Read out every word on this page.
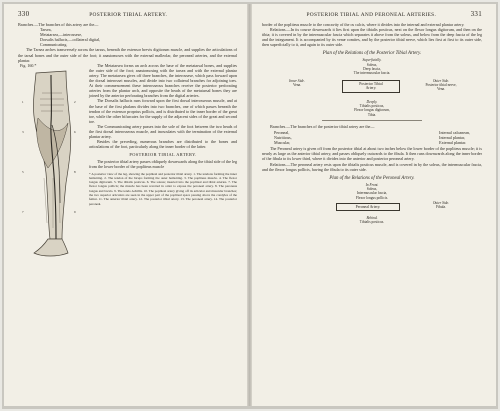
330	POSTERIOR TIBIAL ARTERY.

Branches.—The branches of this artery are the—

Tarsea,

Metatarsea,—interossese,

Dorsalis hallucis,—collateral digital,

Communicating.

The Tarsea arches transversely across the tarsus, beneath the extensor brevis digitorum muscle, and supplies the articulations of the tarsal bones and the outer side of the foot; it anastomoses with the external malleolar, the peroneal arteries, and the external plantar.

Fig. 160.*
1	2
3	6
5	8
7	9

The Metatarsea forms an arch across the base of the metatarsal bones, and supplies the outer side of the foot; anastomosing with the tarsea and with the external plantar artery. The metatarsea gives off three branches, the interossese, which pass forward upon the dorsal interossei muscles, and divide into two collateral branches for adjoining toes. At their commencement these interosseous branches receive the posterior perforating arteries from the plantar arch, and opposite the heads of the metatarsal bones they are joined by the anterior perforating branches from the digital arteries.

The Dorsalis hallucis runs forward upon the first dorsal interosseous muscle, and at the base of the first phalanx divides into two branches, one of which passes beneath the tendon of the extensor proprius pollicis, and is distributed to the inner border of the great toe, while the other bifurcates for the supply of the adjacent sides of the great and second toe.

The Communicating artery passes into the sole of the foot between the two heads of the first dorsal interosseous muscle, and inosculates with the termination of the external plantar artery.

Besides the preceding, numerous branches are distributed to the bones and articulations of the foot, particularly along the inner border of the latter.

POSTERIOR TIBIAL ARTERY.

The posterior tibial artery passes obliquely downwards along the tibial side of the leg from the lower border of the popliteus muscle

* A posterior view of the leg, showing the popliteal and posterior tibial artery. 1. The tendons forming the inner hamstring. 2. The tendon of the biceps forming the outer hamstring. 3. The popliteus muscle. 4. The flexor longus digitorum. 5. The tibialis posticus. 6. The soleus; inserted into the popliteal and tibial arteries. 7. The flexor longus pollicis; the muscle has been reverted in order to expose the peroneal artery. 8. The peroneus longus and brevis. 9. The tendo Achillis. 10. The popliteal artery giving off its articular and muscular branches; the two superior articulars are seen in the upper part of the popliteal space passing above the condyles of the femur. 11. The anterior tibial artery. 12. The posterior tibial artery. 13. The peroneal artery. 14. The posterior peroneal.

POSTERIOR TIBIAL AND PERONEAL ARTERIES.	331

border of the popliteus muscle to the concavity of the os calcis, where it divides into the internal and external plantar artery.

Relations.—In its course downwards it lies first upon the tibialis posticus, next on the flexor longus digitorum, and then on the tibia; it is covered in by the intermuscular fascia which separates it above from the soleus, and below from the deep fascia of the leg and the integument. It is accompanied by its venæ comites, and by the posterior tibial nerve, which lies first at first to its outer side, then superficially to it, and again to its outer side.

Plan of the Relations of the Posterior Tibial Artery.

Superficially.
Soleus,
Deep fascia,
The intermuscular fascia.
Inner Side.
Vena.	Posterior Tibial
Artery.
Outer Side.
Posterior tibial nerve,
Vena.
Deeply.
Tibialis posticus,
Flexor longus digitorum,
Tibia.

Branches.—The branches of the posterior tibial artery are the—

Peroneal,
Nutritious,
Muscular,
Internal calcanean,
Internal plantar,
External plantar.

The Peroneal artery is given off from the posterior tibial at about two inches below the lower border of the popliteus muscle; it is nearly as large as the anterior tibial artery, and passes obliquely outwards to the fibula. It then runs downwards along the inner border of the fibula to its lower third, where it divides into the anterior and posterior peroneal artery.

Relations.—The peroneal artery rests upon the tibialis posticus muscle, and is covered in by the soleus, the intermuscular fascia, and the flexor longus pollicis, having the fibula to its outer side.

Plan of the Relations of the Peroneal Artery.

In Front.
Soleus,
Intermuscular fascia,
Flexor longus pollicis.
Peroneal Artery.
Outer Side.
Fibula.
Behind.
Tibialis posticus.
